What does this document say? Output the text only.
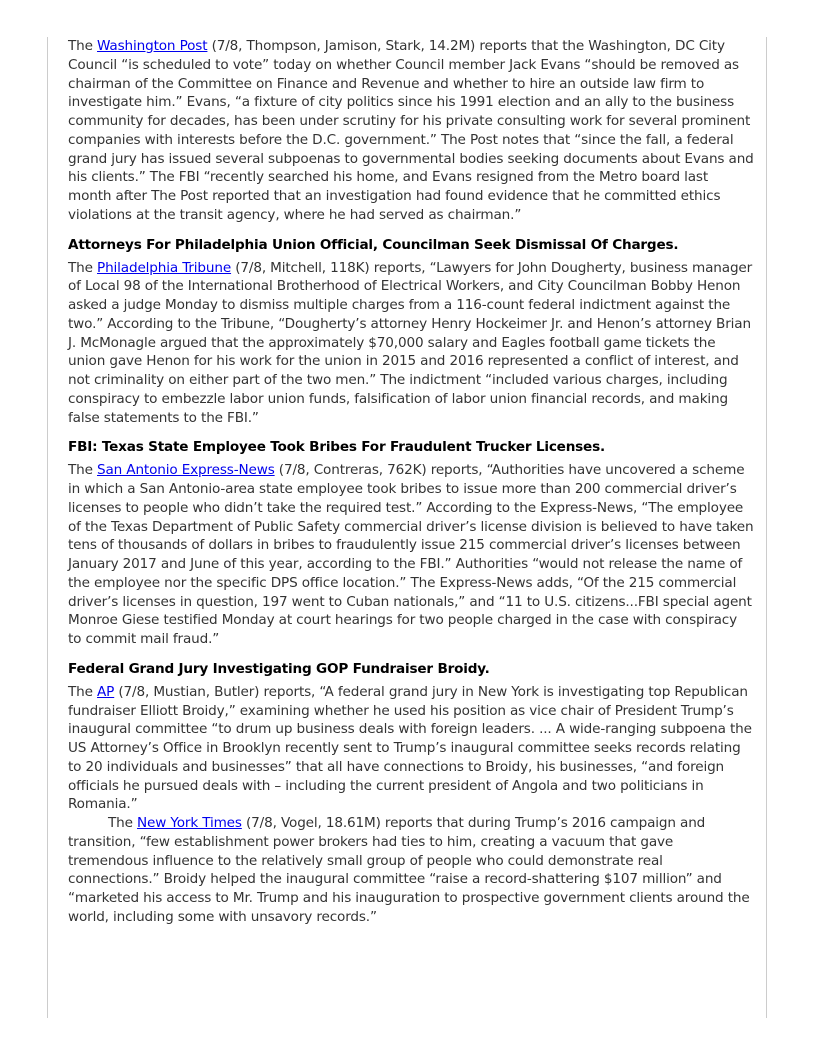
The Washington Post (7/8, Thompson, Jamison, Stark, 14.2M) reports that the Washington, DC City Council “is scheduled to vote” today on whether Council member Jack Evans “should be removed as chairman of the Committee on Finance and Revenue and whether to hire an outside law firm to investigate him.” Evans, “a fixture of city politics since his 1991 election and an ally to the business community for decades, has been under scrutiny for his private consulting work for several prominent companies with interests before the D.C. government.” The Post notes that “since the fall, a federal grand jury has issued several subpoenas to governmental bodies seeking documents about Evans and his clients.” The FBI “recently searched his home, and Evans resigned from the Metro board last month after The Post reported that an investigation had found evidence that he committed ethics violations at the transit agency, where he had served as chairman.”

Attorneys For Philadelphia Union Official, Councilman Seek Dismissal Of Charges.

The Philadelphia Tribune (7/8, Mitchell, 118K) reports, “Lawyers for John Dougherty, business manager of Local 98 of the International Brotherhood of Electrical Workers, and City Councilman Bobby Henon asked a judge Monday to dismiss multiple charges from a 116-count federal indictment against the two.” According to the Tribune, “Dougherty’s attorney Henry Hockeimer Jr. and Henon’s attorney Brian J. McMonagle argued that the approximately $70,000 salary and Eagles football game tickets the union gave Henon for his work for the union in 2015 and 2016 represented a conflict of interest, and not criminality on either part of the two men.” The indictment “included various charges, including conspiracy to embezzle labor union funds, falsification of labor union financial records, and making false statements to the FBI.”

FBI: Texas State Employee Took Bribes For Fraudulent Trucker Licenses.

The San Antonio Express-News (7/8, Contreras, 762K) reports, “Authorities have uncovered a scheme in which a San Antonio-area state employee took bribes to issue more than 200 commercial driver’s licenses to people who didn’t take the required test.” According to the Express-News, “The employee of the Texas Department of Public Safety commercial driver’s license division is believed to have taken tens of thousands of dollars in bribes to fraudulently issue 215 commercial driver’s licenses between January 2017 and June of this year, according to the FBI.” Authorities “would not release the name of the employee nor the specific DPS office location.” The Express-News adds, “Of the 215 commercial driver’s licenses in question, 197 went to Cuban nationals,” and “11 to U.S. citizens...FBI special agent Monroe Giese testified Monday at court hearings for two people charged in the case with conspiracy to commit mail fraud.”

Federal Grand Jury Investigating GOP Fundraiser Broidy.

The AP (7/8, Mustian, Butler) reports, “A federal grand jury in New York is investigating top Republican fundraiser Elliott Broidy,” examining whether he used his position as vice chair of President Trump’s inaugural committee “to drum up business deals with foreign leaders. ... A wide-ranging subpoena the US Attorney’s Office in Brooklyn recently sent to Trump’s inaugural committee seeks records relating to 20 individuals and businesses” that all have connections to Broidy, his businesses, “and foreign officials he pursued deals with – including the current president of Angola and two politicians in Romania.”

The New York Times (7/8, Vogel, 18.61M) reports that during Trump’s 2016 campaign and transition, “few establishment power brokers had ties to him, creating a vacuum that gave tremendous influence to the relatively small group of people who could demonstrate real connections.” Broidy helped the inaugural committee “raise a record-shattering $107 million” and “marketed his access to Mr. Trump and his inauguration to prospective government clients around the world, including some with unsavory records.”
